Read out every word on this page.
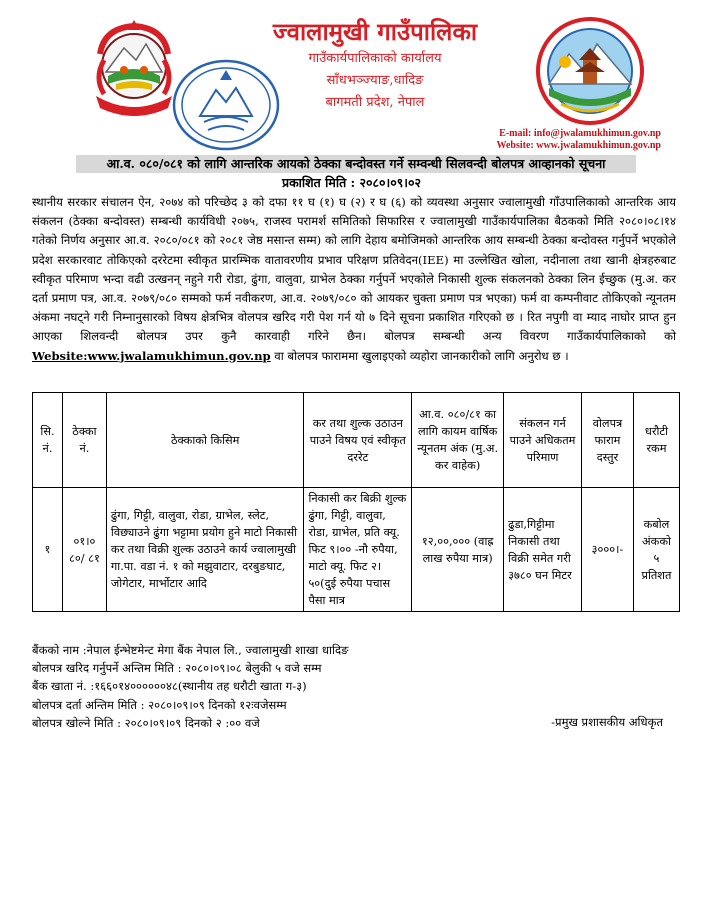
ज्वालामुखी गाउँपालिका
गाउँकार्यपालिकाको कार्यालय
साँधभञ्ज्याङ,धादिङ
बागमती प्रदेश, नेपाल
E-mail: info@jwalamukhimun.gov.np
Website: www.jwalamukhimun.gov.np
आ.व. ०८०/०८१ को लागि आन्तरिक आयको ठेक्का बन्दोवस्त गर्ने सम्वन्धी सिलवन्दी बोलपत्र आव्हानको सूचना
प्रकाशित मिति : २०८०।०९।०२

स्थानीय सरकार संचालन ऐन, २०७४ को परिच्छेद ३ को दफा ११ घ (१) घ (२) र घ (६) को व्यवस्था अनुसार ज्वालामुखी गाँउपालिकाको आन्तरिक आय संकलन (ठेक्का बन्दोवस्त) सम्बन्धी कार्यविधी २०७५, राजस्व परामर्श समितिको सिफारिस र ज्वालामुखी गाउँकार्यपालिका बैठकको मिति २०८०।०८।१४ गतेको निर्णय अनुसार आ.व. २०८०/०८१ को २०८१ जेष्ठ मसान्त सम्म) को लागि देहाय बमोजिमको आन्तरिक आय सम्बन्धी ठेक्का बन्दोवस्त गर्नुपर्ने भएकोले प्रदेश सरकारवाट तोकिएको दररेटमा स्वीकृत प्रारम्भिक वातावरणीय प्रभाव परिक्षण प्रतिवेदन(IEE) मा उल्लेखित खोला, नदीनाला तथा खानी क्षेत्रहरुबाट स्वीकृत परिमाण भन्दा वढी उत्खनन् नहुने गरी रोडा, ढुंगा, वालुवा, ग्राभेल ठेक्का गर्नुपर्ने भएकोले निकासी शुल्क संकलनको ठेक्का लिन ईच्छुक (मु.अ. कर दर्ता प्रमाण पत्र, आ.व. २०७९/०८० सम्मको फर्म नवीकरण, आ.व. २०७९/०८० को आयकर चुक्ता प्रमाण पत्र भएका) फर्म वा कम्पनीवाट तोकिएको न्यूनतम अंकमा नघट्ने गरी निम्नानुसारको विषय क्षेत्रभित्र वोलपत्र खरिद गरी पेश गर्न यो ७ दिने सूचना प्रकाशित गरिएको छ । रित नपुगी वा म्याद नाघोर प्राप्त हुन आएका शिलवन्दी बोलपत्र उपर कुनै कारवाही गरिने छैन। बोलपत्र सम्बन्धी अन्य विवरण गाउँकार्यपालिकाको को Website:www.jwalamukhimun.gov.np वा बोलपत्र फाराममा खुलाइएको व्यहोरा जानकारीको लागि अनुरोध छ ।

सि. नं.	ठेक्का नं.	ठेक्काको किसिम	कर तथा शुल्क उठाउन पाउने विषय एवं स्वीकृत दररेट	आ.व. ०८०/८१ का लागि कायम वार्षिक न्यूनतम अंक (मु.अ. कर वाहेक)	संकलन गर्न पाउने अधिकतम परिमाण	वोलपत्र फाराम दस्तुर	धरौटी रकम
१	०१।० ८०/ ८१	ढुंगा, गिट्टी, वालुवा, रोडा, ग्राभेल, स्लेट, विछ्याउने ढुंगा भट्टामा प्रयोग हुने माटो निकासी कर तथा विक्री शुल्क उठाउने कार्य ज्वालामुखी गा.पा. वडा नं. १ को मझुवाटार, दरबुङघाट, जोगेटार, मार्भोटार आदि	निकासी कर बिक्री शुल्क ढुंगा, गिट्टी, वालुवा, रोडा, ग्राभेल, प्रति क्यू. फिट ९।०० -नौ रुपैया, माटो क्यू. फिट २।५०(दुई रुपैया पचास पैसा मात्र	१२,००,००० (वाह्र लाख रुपैया मात्र)	ढुडा,गिट्टीमा निकासी तथा विक्री समेत गरी ३७८० घन मिटर	३०००।-	कबोल अंकको ५ प्रतिशत
बैंकको नाम :नेपाल ईन्भेष्टमेन्ट मेगा बैंक नेपाल लि., ज्वालामुखी शाखा धादिङ
बोलपत्र खरिद गर्नुपर्ने अन्तिम मिति : २०८०।०९।०८ बेलुकी ५ वजे सम्म
बैंक खाता नं. :१६६०१४००००००४८(स्थानीय तह धरौटी खाता ग-३)
बोलपत्र दर्ता अन्तिम मिति : २०८०।०९।०९ दिनको १२ःवजेसम्म
बोलपत्र खोल्ने मिति : २०८०।०९।०९ दिनको २ :०० वजे	-प्रमुख प्रशासकीय अधिकृत
